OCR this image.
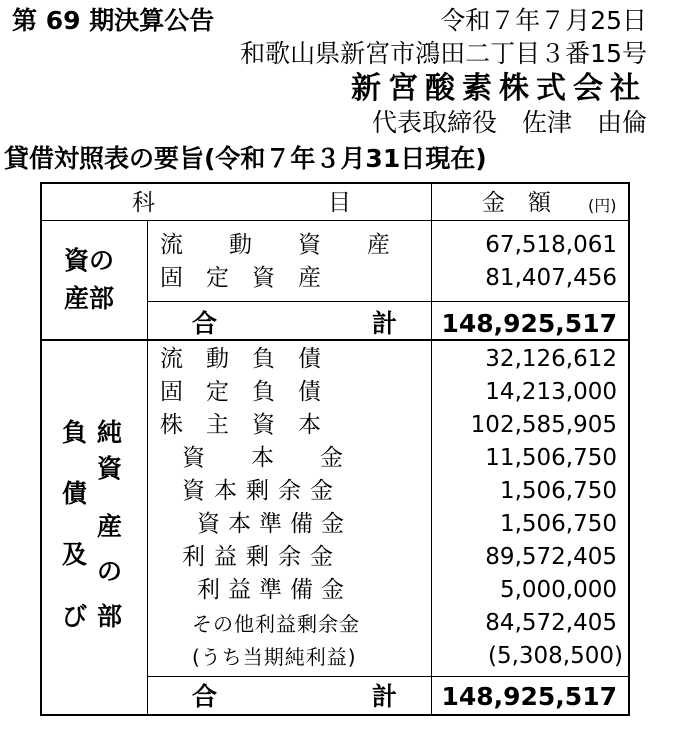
第 69 期決算公告	令和７年７月25日
和歌山県新宮市鴻田二丁目３番15号
新宮酸素株式会社
代表取締役　佐津　由倫
貸借対照表の要旨(令和７年３月31日現在)
科	目	金　額 (円)
資の
産部
流　動　資　産	67,518,061
固　定　資　産	81,407,456
合	計 148,925,517
負
債
及
び
純
資
産
の
部
流　動　負　債	32,126,612
固　定　負　債	14,213,000
株　主　資　本	102,585,905
資　　本　　金	11,506,750
資本剰余金	1,506,750
資本準備金	1,506,750
利益剰余金	89,572,405
利益準備金	5,000,000
その他利益剰余金	84,572,405
(うち当期純利益)	(5,308,500)
合	計 148,925,517
